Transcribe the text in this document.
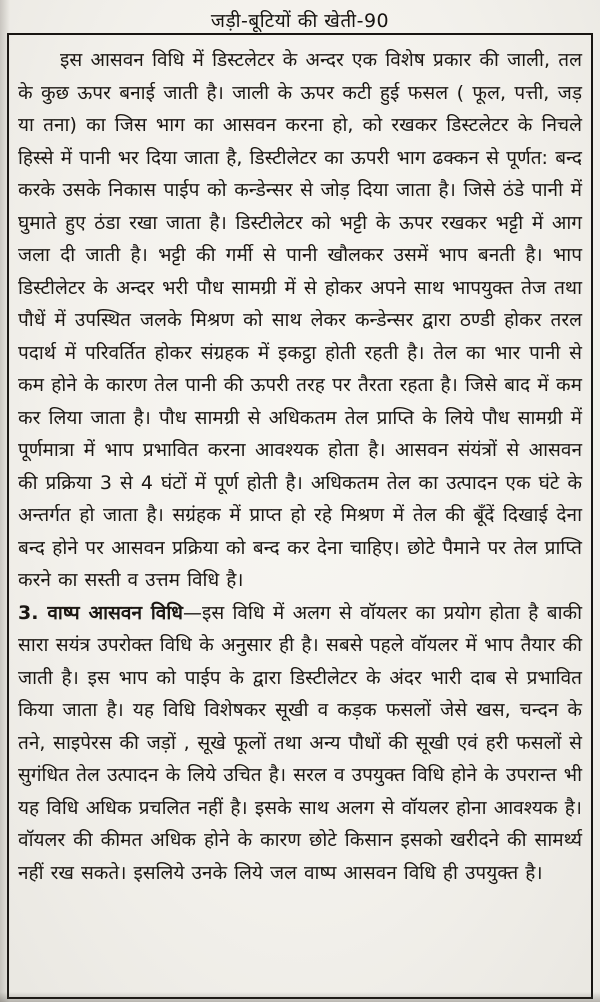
जड़ी-बूटियों की खेती-90

इस आसवन विधि में डिस्टलेटर के अन्दर एक विशेष प्रकार की जाली, तल के कुछ ऊपर बनाई जाती है। जाली के ऊपर कटी हुई फसल ( फूल, पत्ती, जड़ या तना) का जिस भाग का आसवन करना हो, को रखकर डिस्टलेटर के निचले हिस्से में पानी भर दिया जाता है, डिस्टीलेटर का ऊपरी भाग ढक्कन से पूर्णत: बन्द करके उसके निकास पाईप को कन्डेन्सर से जोड़ दिया जाता है। जिसे ठंडे पानी में घुमाते हुए ठंडा रखा जाता है। डिस्टीलेटर को भट्टी के ऊपर रखकर भट्टी में आग जला दी जाती है। भट्टी की गर्मी से पानी खौलकर उसमें भाप बनती है। भाप डिस्टीलेटर के अन्दर भरी पौध सामग्री में से होकर अपने साथ भापयुक्त तेज तथा पौधें में उपस्थित जलके मिश्रण को साथ लेकर कन्डेन्सर द्वारा ठण्डी होकर तरल पदार्थ में परिवर्तित होकर संग्रहक में इकट्ठा होती रहती है। तेल का भार पानी से कम होने के कारण तेल पानी की ऊपरी तरह पर तैरता रहता है। जिसे बाद में कम कर लिया जाता है। पौध सामग्री से अधिकतम तेल प्राप्ति के लिये पौध सामग्री में पूर्णमात्रा में भाप प्रभावित करना आवश्यक होता है। आसवन संयंत्रों से आसवन की प्रक्रिया 3 से 4 घंटों में पूर्ण होती है। अधिकतम तेल का उत्पादन एक घंटे के अन्तर्गत हो जाता है। सग्रंहक में प्राप्त हो रहे मिश्रण में तेल की बूँदें दिखाई देना बन्द होने पर आसवन प्रक्रिया को बन्द कर देना चाहिए। छोटे पैमाने पर तेल प्राप्ति करने का सस्ती व उत्तम विधि है।

3. वाष्प आसवन विधि—इस विधि में अलग से वॉयलर का प्रयोग होता है बाकी सारा सयंत्र उपरोक्त विधि के अनुसार ही है। सबसे पहले वॉयलर में भाप तैयार की जाती है। इस भाप को पाईप के द्वारा डिस्टीलेटर के अंदर भारी दाब से प्रभावित किया जाता है। यह विधि विशेषकर सूखी व कड़क फसलों जेसे खस, चन्दन के तने, साइपेरस की जड़ों , सूखे फूलों तथा अन्य पौधों की सूखी एवं हरी फसलों से सुगंधित तेल उत्पादन के लिये उचित है। सरल व उपयुक्त विधि होने के उपरान्त भी यह विधि अधिक प्रचलित नहीं है। इसके साथ अलग से वॉयलर होना आवश्यक है। वॉयलर की कीमत अधिक होने के कारण छोटे किसान इसको खरीदने की सामर्थ्य नहीं रख सकते। इसलिये उनके लिये जल वाष्प आसवन विधि ही उपयुक्त है।
